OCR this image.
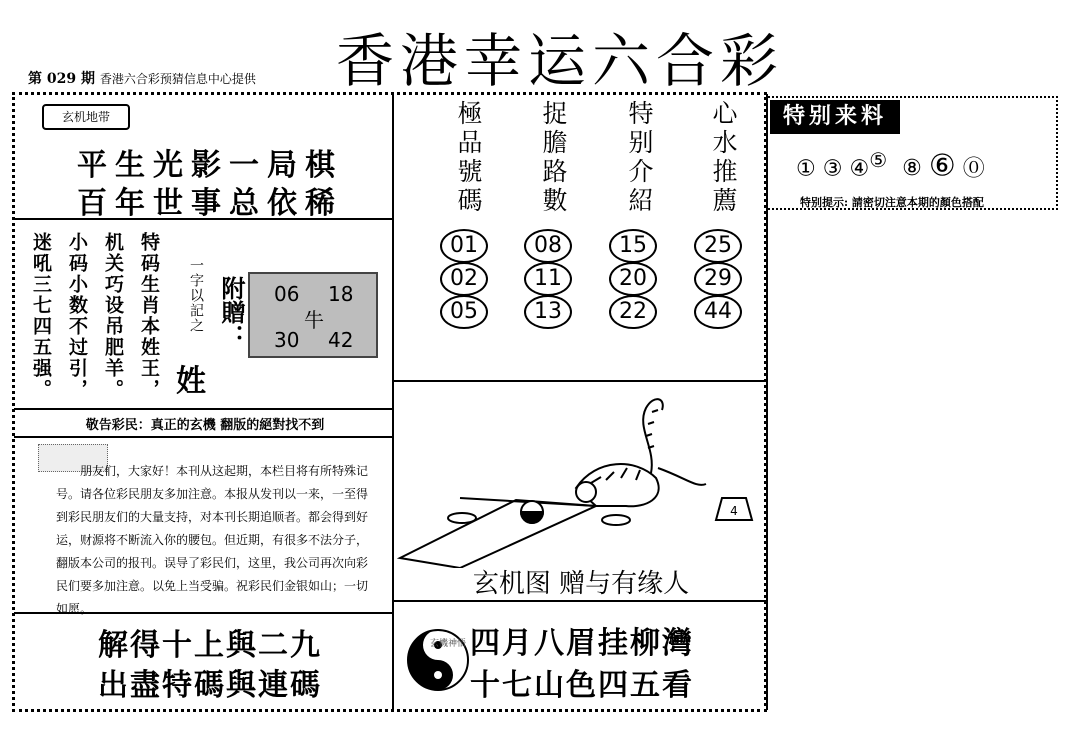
香港幸运六合彩
第 029 期 香港六合彩预猜信息中心提供
玄机地带
平生光影一局棋
百年世事总依稀
特码生肖本姓王，
机关巧设吊肥羊。
小码小数不过引，
迷吼三七四五强。	一字以記之 附贈：
姓
06 18
牛
30 42
敬告彩民：真正的玄機 翻版的絕對找不到
朋友们，大家好！本刊从这起期，本栏目将有所特殊记号。请各位彩民朋友多加注意。本报从发刊以一来，一至得到彩民朋友们的大量支持，对本刊长期追顺者。都会得到好运，财源将不断流入你的腰包。但近期，有很多不法分子，翻版本公司的报刊。误导了彩民们，这里，我公司再次向彩民们要多加注意。以免上当受骗。祝彩民们金银如山；一切如愿。
解得十上與二九
出盡特碼與連碼
極品號碼 捉膽路數 特别介紹 心水推薦
01
02
05
08
11
13
15
20
22
25
29
44
4
玄机图 赠与有缘人
玄機神悟 四月八眉挂柳灣
十七山色四五看
特别来料
① ③ ④⑤ ⑧ ⑥ ⓪
特别提示: 請密切注意本期的顏色搭配
